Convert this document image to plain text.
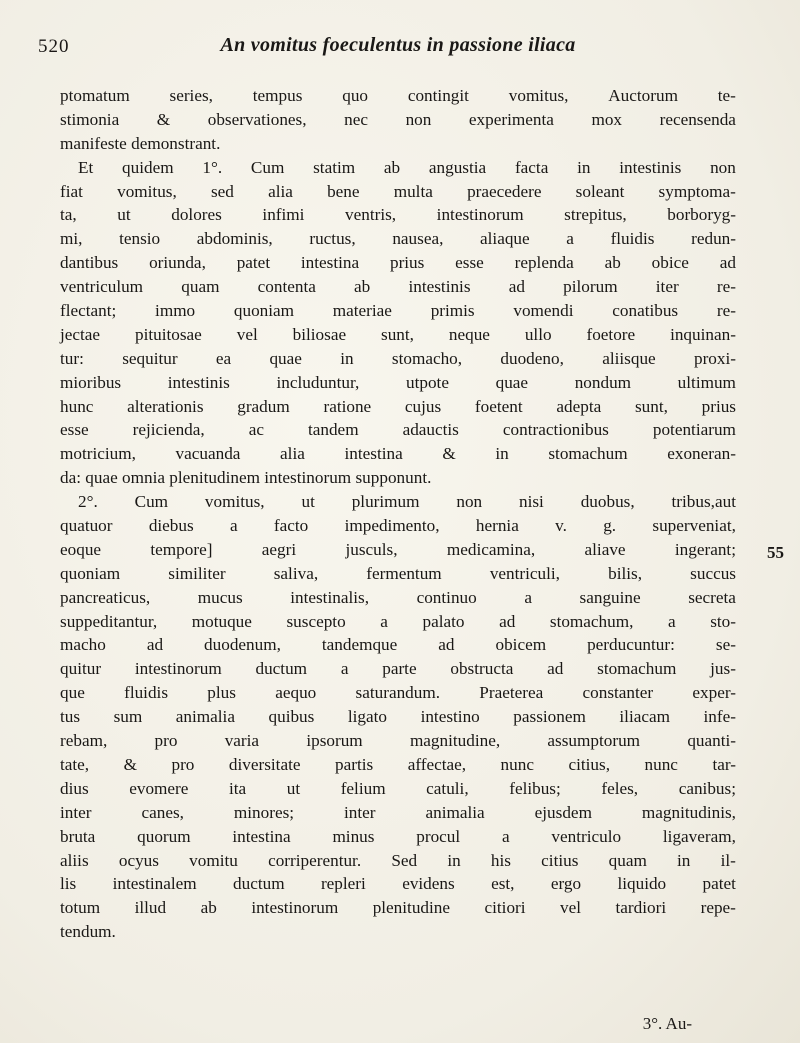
520	An vomitus foeculentus in passione iliaca
ptomatum series, tempus quo contingit vomitus, Auctorum te-
stimonia & observationes, nec non experimenta mox recensenda
manifeste demonstrant.
Et quidem 1°. Cum statim ab angustia facta in intestinis non
fiat vomitus, sed alia bene multa praecedere soleant symptoma-
ta, ut dolores infimi ventris, intestinorum strepitus, borboryg-
mi, tensio abdominis, ructus, nausea, aliaque a fluidis redun-
dantibus oriunda, patet intestina prius esse replenda ab obice ad
ventriculum quam contenta ab intestinis ad pilorum iter re-
flectant; immo quoniam materiae primis vomendi conatibus re-
jectae pituitosae vel biliosae sunt, neque ullo foetore inquinan-
tur: sequitur ea quae in stomacho, duodeno, aliisque proxi-
mioribus	intestinis	includuntur,	utpote	quae	nondum	ultimum
hunc alterationis gradum ratione cujus foetent adepta sunt, prius
esse	rejicienda,	ac	tandem	adauctis	contractionibus	potentiarum
motricium, vacuanda alia intestina & in stomachum exoneran-
da: quae omnia plenitudinem intestinorum supponunt.
2°. Cum vomitus, ut plurimum non nisi duobus, tribus,aut
quatuor diebus a facto impedimento, hernia v. g. superveniat,
eoque	tempore]	aegri	jusculs,	medicamina,	aliave	ingerant;
quoniam	similiter	saliva,	fermentum	ventriculi,	bilis,	succus
pancreaticus,	mucus	intestinalis,	continuo	a	sanguine	secreta
suppeditantur, motuque suscepto a palato ad stomachum, a sto-
macho ad duodenum, tandemque ad obicem perducuntur: se-
quitur intestinorum ductum a parte obstructa ad stomachum jus-
que fluidis plus aequo saturandum. Praeterea constanter exper-
tus sum animalia quibus ligato intestino passionem iliacam infe-
rebam,	pro	varia	ipsorum	magnitudine,	assumptorum	quanti-
tate, & pro diversitate partis affectae, nunc citius, nunc tar-
dius evomere ita ut felium catuli, felibus; feles, canibus;
inter	canes,	minores;	inter	animalia	ejusdem	magnitudinis,
bruta quorum intestina minus procul a ventriculo ligaveram,
aliis ocyus vomitu corriperentur. Sed in his citius quam in il-
lis intestinalem ductum repleri evidens est, ergo liquido patet
totum illud ab intestinorum plenitudine citiori vel tardiori repe-
tendum.
55
3°. Au-
